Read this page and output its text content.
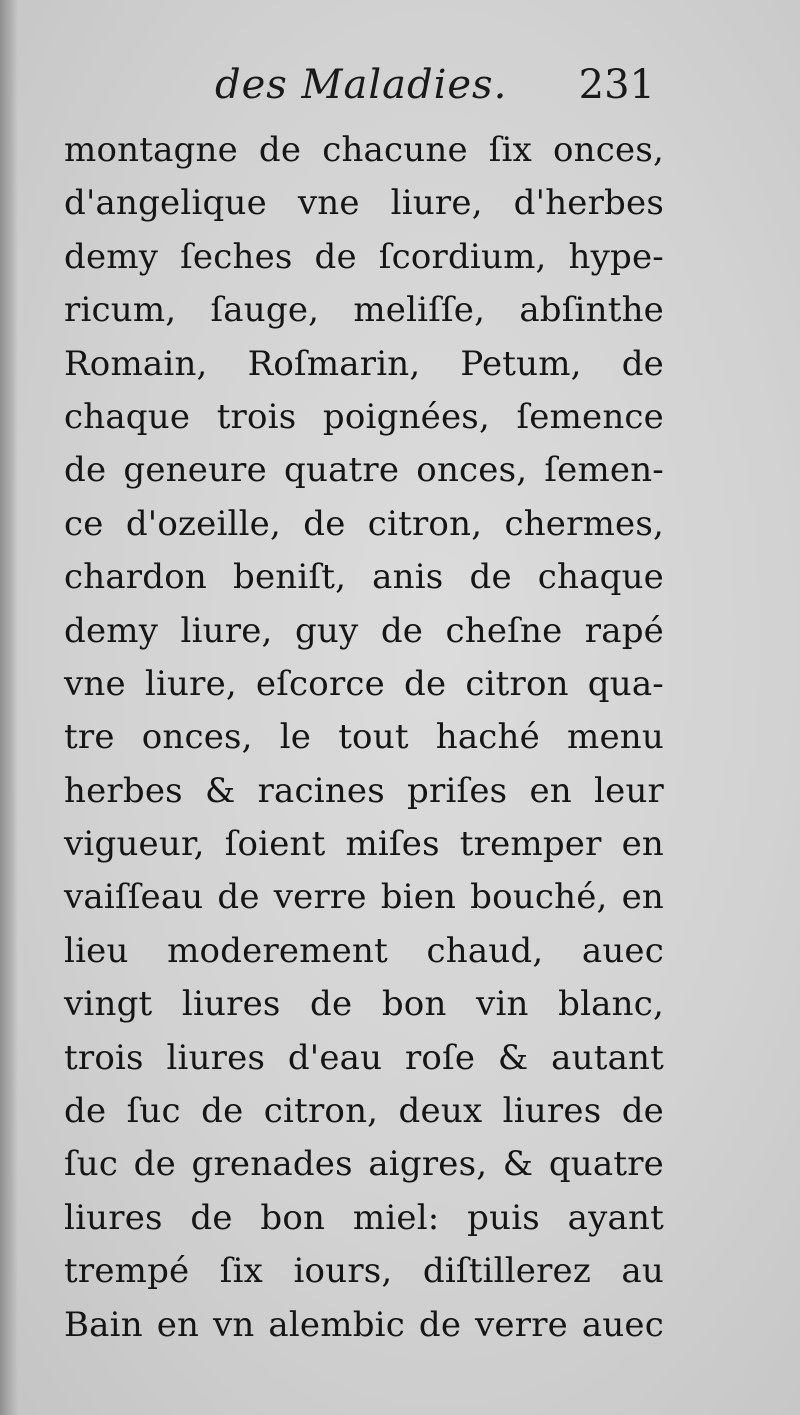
des Maladies. 231
montagne de chacune ſix onces,
d'angelique vne liure, d'herbes
demy ſeches de ſcordium, hype-
ricum, ſauge, meliſſe, abſinthe
Romain, Roſmarin, Petum, de
chaque trois poignées, ſemence
de geneure quatre onces, ſemen-
ce d'ozeille, de citron, chermes,
chardon beniſt, anis de chaque
demy liure, guy de cheſne rapé
vne liure, eſcorce de citron qua-
tre onces, le tout haché menu
herbes & racines priſes en leur
vigueur, ſoient miſes tremper en
vaiſſeau de verre bien bouché, en
lieu moderement chaud, auec
vingt liures de bon vin blanc,
trois liures d'eau roſe & autant
de ſuc de citron, deux liures de
ſuc de grenades aigres, & quatre
liures de bon miel: puis ayant
trempé ſix iours, diſtillerez au
Bain en vn alembic de verre auec
